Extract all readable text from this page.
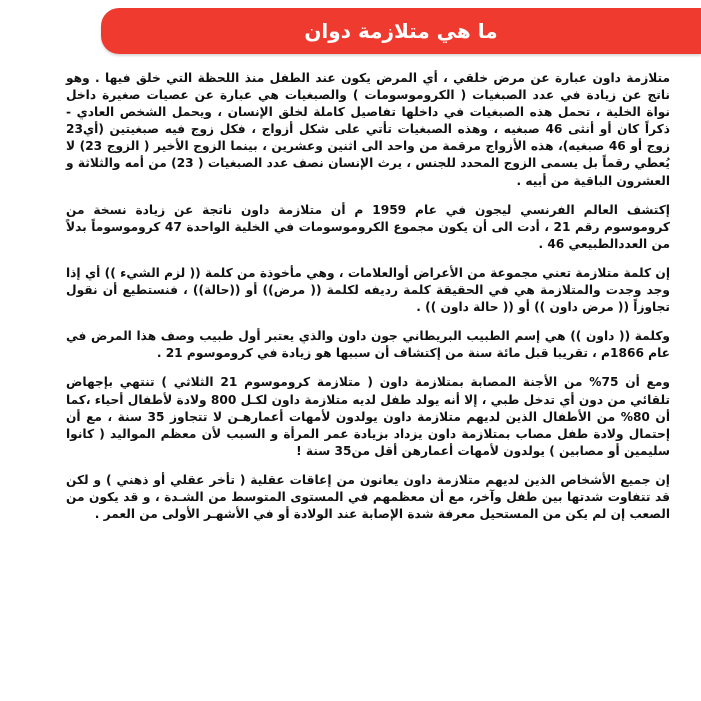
ما هي متلازمة دوان

متلازمة داون عبارة عن مرض خلقي ، أي المرض يكون عند الطفل منذ اللحظة التي خلق فيها . وهو ناتج عن زيادة في عدد الصبغيات ( الكروموسومات ) والصبغيات هي عبارة عن عصيات صغيرة داخل نواة الخلية ، تحمل هذه الصبغيات في داخلها تفاصيل كاملة لخلق الإنسان ، ويحمل الشخص العادي - ذكراً كان أو أنثى 46 صبغيه ، وهذه الصبغيات تأتي على شكل أزواج ، فكل زوج فيه صبغيتين (أي23 زوج أو 46 صبغيه)، هذه الأزواج مرقمة من واحد الى اثنين وعشرين ، بينما الزوج الأخير ( الزوج 23) لا يُعطي رقماً بل يسمى الزوج المحدد للجنس ، يرث الإنسان نصف عدد الصبغيات ( 23) من أمه والثلاثة و العشرون الباقية من أبيه .

إكتشف العالم الفرنسي ليجون في عام 1959 م أن متلازمة داون ناتجة عن زيادة نسخة من كروموسوم رقم 21 ، أدت الى أن يكون مجموع الكروموسومات في الخلية الواحدة 47 كروموسوماً بدلاً من العددالطبيعي 46 .

إن كلمة متلازمة تعني مجموعة من الأعراض أوالعلامات ، وهي مأخوذة من كلمة (( لزم الشيء )) أي إذا وجد وجدت والمتلازمة هي في الحقيقة كلمة رديفه لكلمة (( مرض)) أو ((حالة)) ، فنستطيع أن نقول تجاوزاً (( مرض داون )) أو (( حالة داون )) .

وكلمة (( داون )) هي إسم الطبيب البريطاني جون داون والذي يعتبر أول طبيب وصف هذا المرض في عام 1866م ، تقريبا قبل مائة سنة من إكتشاف أن سببها هو زيادة في كروموسوم 21 .

ومع أن 75% من الأجنة المصابة بمتلازمة داون ( متلازمة كروموسوم 21 الثلاثي ) تنتهي بإجهاض تلقائي من دون أي تدخل طبي ، إلا أنه يولد طفل لديه متلازمة داون لكـل 800 ولادة لأطفال أحياء ،كما أن 80% من الأطفال الذين لديهم متلازمة داون يولدون لأمهات أعمارهـن لا تتجاوز 35 سنة ، مع أن إحتمال ولادة طفل مصاب بمتلازمة داون يزداد بزيادة عمر المرأة و السبب لأن معظم المواليد ( كانوا سليمين أو مصابين ) يولدون لأمهات أعمارهن أقل من35 سنة !

إن جميع الأشخاص الذين لديهم متلازمة داون يعانون من إعاقات عقلية ( تأخر عقلي أو ذهني ) و لكن قد تتفاوت شدتها بين طفل وآخر، مع أن معظمهم في المستوى المتوسط من الشـدة ، و قد يكون من الصعب إن لم يكن من المستحيل معرفة شدة الإصابة عند الولادة أو في الأشهـر الأولى من العمر .
